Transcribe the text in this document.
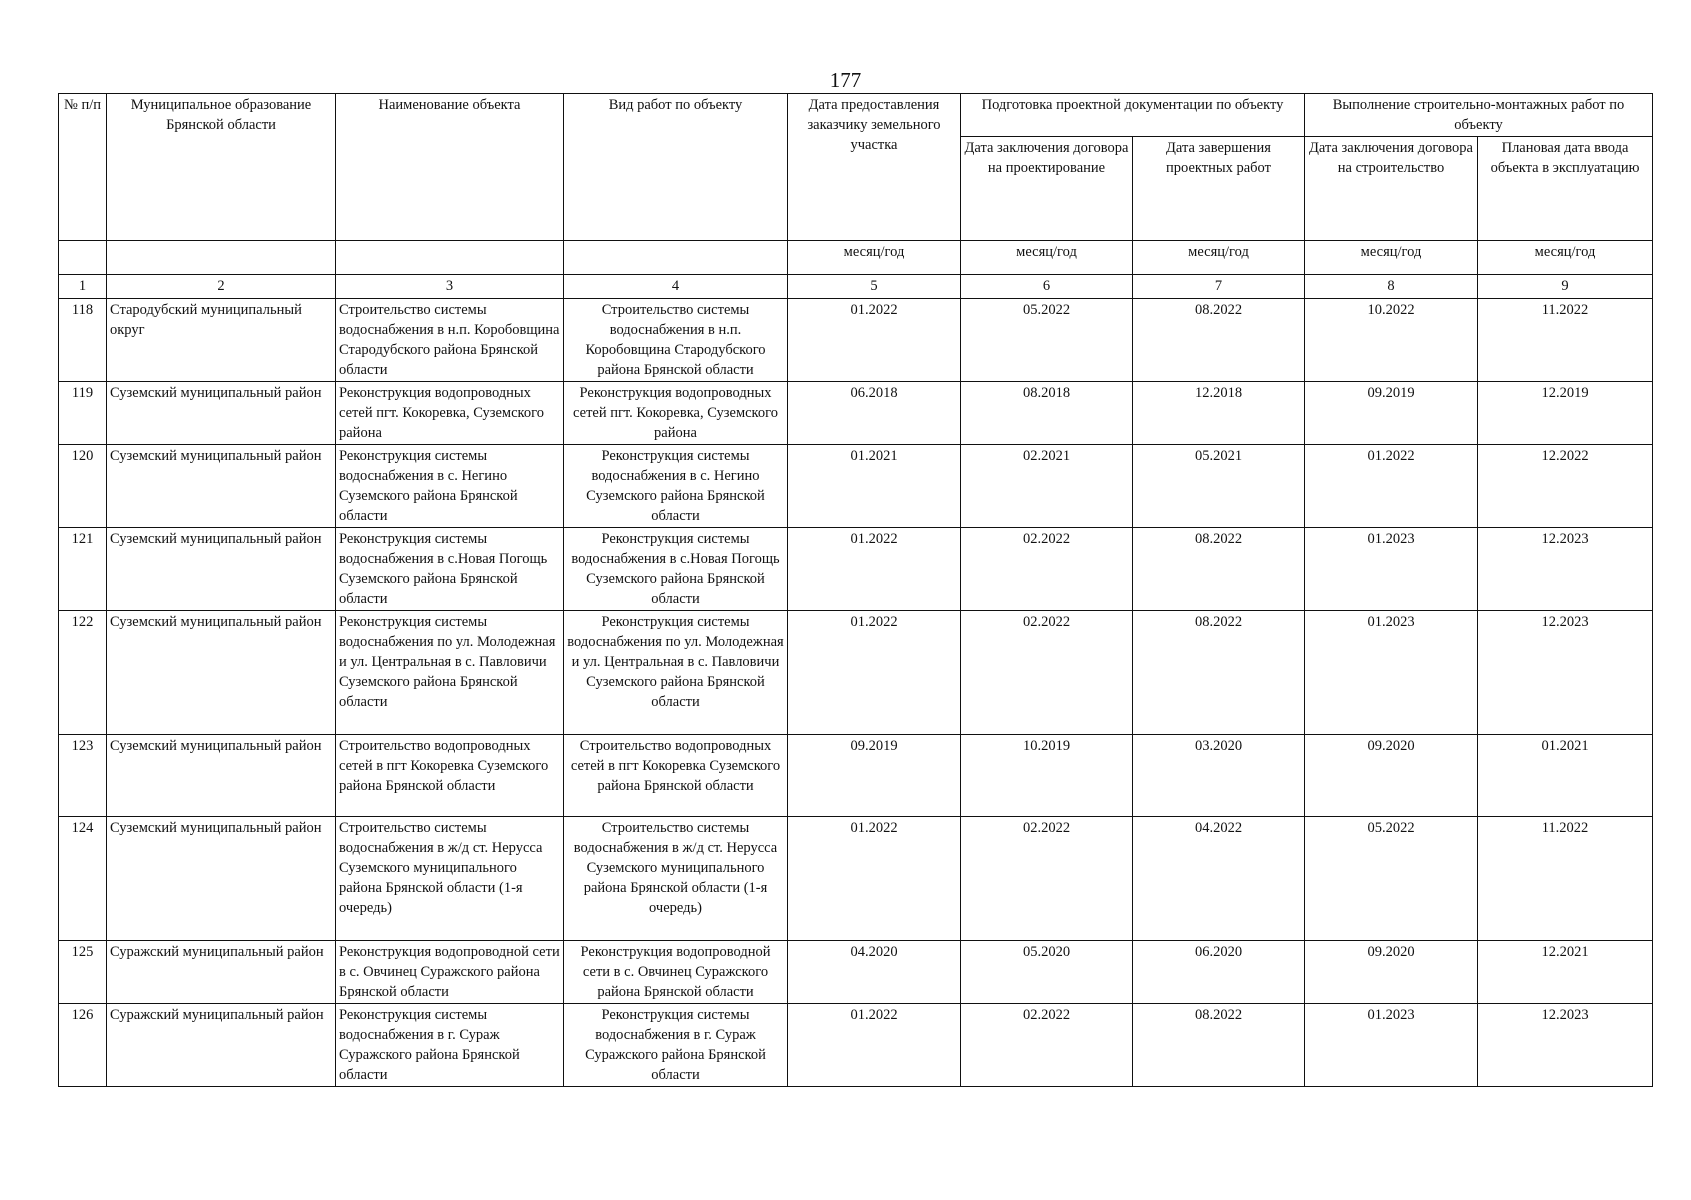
177
№ п/п	Муниципальное образование Брянской области	Наименование объекта	Вид работ по объекту	Дата предоставления заказчику земельного участка	Подготовка проектной документации по объекту		Выполнение строительно-монтажных работ по объекту	
					Дата заключения договора на проектирование	Дата завершения проектных работ	Дата заключения договора на строительство	Плановая дата ввода объекта в эксплуатацию
				месяц/год	месяц/год	месяц/год	месяц/год	месяц/год
1	2	3	4	5	6	7	8	9
118	Стародубский муниципальный округ	Строительство системы водоснабжения в н.п. Коробовщина Стародубского района Брянской области	Строительство системы водоснабжения в н.п. Коробовщина Стародубского района Брянской области	01.2022	05.2022	08.2022	10.2022	11.2022
119	Суземский муниципальный район	Реконструкция водопроводных сетей пгт. Кокоревка, Суземского района	Реконструкция водопроводных сетей пгт. Кокоревка, Суземского района	06.2018	08.2018	12.2018	09.2019	12.2019
120	Суземский муниципальный район	Реконструкция системы водоснабжения в с. Негино Суземского района Брянской области	Реконструкция системы водоснабжения в с. Негино Суземского района Брянской области	01.2021	02.2021	05.2021	01.2022	12.2022
121	Суземский муниципальный район	Реконструкция системы водоснабжения в с.Новая Погощь Суземского района Брянской области	Реконструкция системы водоснабжения в с.Новая Погощь Суземского района Брянской области	01.2022	02.2022	08.2022	01.2023	12.2023
122	Суземский муниципальный район	Реконструкция системы водоснабжения по ул. Молодежная и ул. Центральная в с. Павловичи Суземского района Брянской области	Реконструкция системы водоснабжения по ул. Молодежная и ул. Центральная в с. Павловичи Суземского района Брянской области	01.2022	02.2022	08.2022	01.2023	12.2023
123	Суземский муниципальный район	Строительство водопроводных сетей в пгт Кокоревка Суземского района Брянской области	Строительство водопроводных сетей в пгт Кокоревка Суземского района Брянской области	09.2019	10.2019	03.2020	09.2020	01.2021
124	Суземский муниципальный район	Строительство системы водоснабжения в ж/д ст. Нерусса Суземского муниципального района Брянской области (1-я очередь)	Строительство системы водоснабжения в ж/д ст. Нерусса Суземского муниципального района Брянской области (1-я очередь)	01.2022	02.2022	04.2022	05.2022	11.2022
125	Суражский муниципальный район	Реконструкция водопроводной сети в с. Овчинец Суражского района Брянской области	Реконструкция водопроводной сети в с. Овчинец Суражского района Брянской области	04.2020	05.2020	06.2020	09.2020	12.2021
126	Суражский муниципальный район	Реконструкция системы водоснабжения в г. Сураж Суражского района Брянской области	Реконструкция системы водоснабжения в г. Сураж Суражского района Брянской области	01.2022	02.2022	08.2022	01.2023	12.2023
